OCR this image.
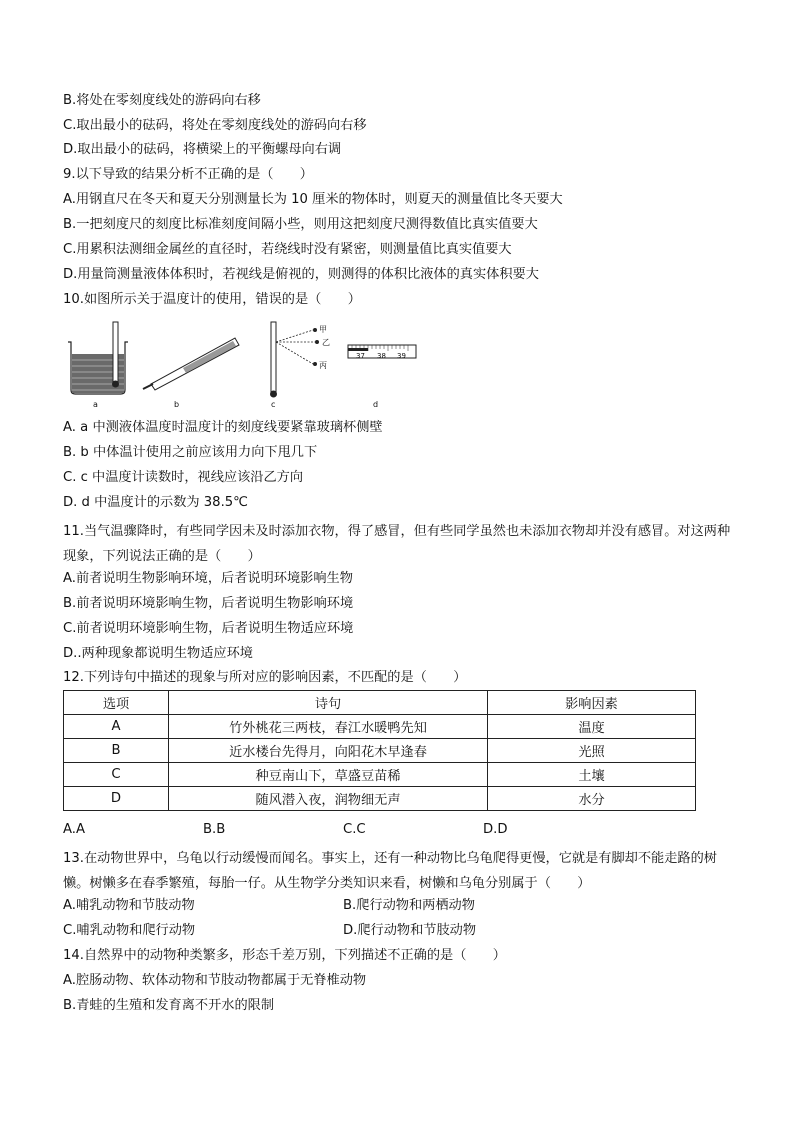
B.将处在零刻度线处的游码向右移
C.取出最小的砝码，将处在零刻度线处的游码向右移
D.取出最小的砝码，将横梁上的平衡螺母向右调
9.以下导致的结果分析不正确的是（　　）
A.用钢直尺在冬天和夏天分别测量长为 10 厘米的物体时，则夏天的测量值比冬天要大
B.一把刻度尺的刻度比标准刻度间隔小些，则用这把刻度尺测得数值比真实值要大
C.用累积法测细金属丝的直径时，若绕线时没有紧密，则测量值比真实值要大
D.用量筒测量液体体积时，若视线是俯视的，则测得的体积比液体的真实体积要大
10.如图所示关于温度计的使用，错误的是（　　）
a	b	c	d
甲
乙
丙
37 38 39
A. a 中测液体温度时温度计的刻度线要紧靠玻璃杯侧壁
B. b 中体温计使用之前应该用力向下甩几下
C. c 中温度计读数时，视线应该沿乙方向
D. d 中温度计的示数为 38.5℃
11.当气温骤降时，有些同学因未及时添加衣物，得了感冒，但有些同学虽然也未添加衣物却并没有感冒。对这两种现象，下列说法正确的是（　　）
A.前者说明生物影响环境，后者说明环境影响生物
B.前者说明环境影响生物，后者说明生物影响环境
C.前者说明环境影响生物，后者说明生物适应环境
D..两种现象都说明生物适应环境
12.下列诗句中描述的现象与所对应的影响因素，不匹配的是（　　）
选项	诗句	影响因素
A	竹外桃花三两枝，春江水暖鸭先知	温度
B	近水楼台先得月，向阳花木早逢春	光照
C	种豆南山下，草盛豆苗稀	土壤
D	随风潜入夜，润物细无声	水分
A.A	B.B	C.C	D.D
13.在动物世界中，乌龟以行动缓慢而闻名。事实上，还有一种动物比乌龟爬得更慢，它就是有脚却不能走路的树懒。树懒多在春季繁殖，每胎一仔。从生物学分类知识来看，树懒和乌龟分别属于（　　）
A.哺乳动物和节肢动物	B.爬行动物和两栖动物
C.哺乳动物和爬行动物	D.爬行动物和节肢动物
14.自然界中的动物种类繁多，形态千差万别，下列描述不正确的是（　　）
A.腔肠动物、软体动物和节肢动物都属于无脊椎动物
B.青蛙的生殖和发育离不开水的限制
